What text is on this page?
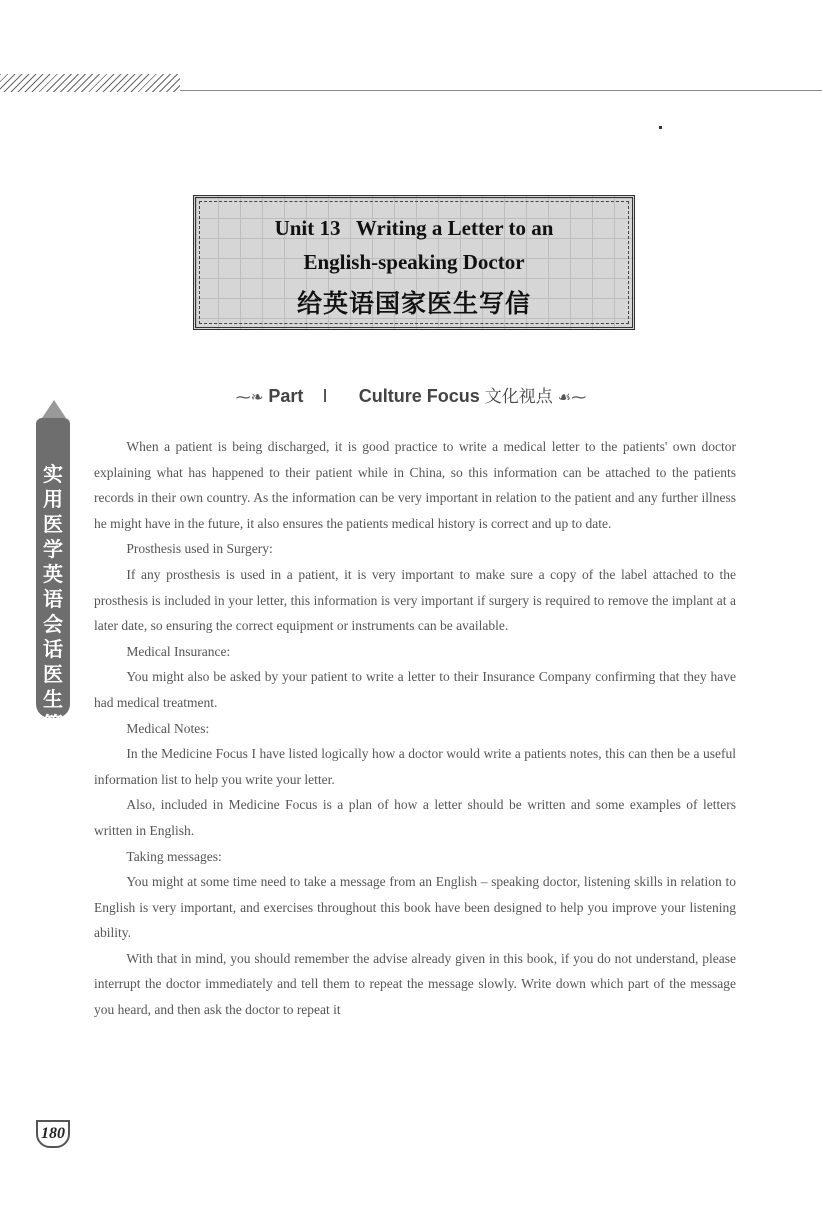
Unit 13   Writing a Letter to an
English-speaking Doctor
给英语国家医生写信
⁓❧ Part Ⅰ Culture Focus 文化视点 ☙⁓
实用医学英语会话 医生篇
180

When a patient is being discharged, it is good practice to write a medical letter to the patients' own doctor explaining what has happened to their patient while in China, so this information can be attached to the patients records in their own country. As the information can be very important in relation to the patient and any further illness he might have in the future, it also ensures the patients medical history is correct and up to date.

Prosthesis used in Surgery:

If any prosthesis is used in a patient, it is very important to make sure a copy of the label attached to the prosthesis is included in your letter, this information is very important if surgery is required to remove the implant at a later date, so ensuring the correct equipment or instruments can be available.

Medical Insurance:

You might also be asked by your patient to write a letter to their Insurance Company confirming that they have had medical treatment.

Medical Notes:

In the Medicine Focus I have listed logically how a doctor would write a patients notes, this can then be a useful information list to help you write your letter.

Also, included in Medicine Focus is a plan of how a letter should be written and some examples of letters written in English.

Taking messages:

You might at some time need to take a message from an English – speaking doctor, listening skills in relation to English is very important, and exercises throughout this book have been designed to help you improve your listening ability.

With that in mind, you should remember the advise already given in this book, if you do not understand, please interrupt the doctor immediately and tell them to repeat the message slowly. Write down which part of the message you heard, and then ask the doctor to repeat it
